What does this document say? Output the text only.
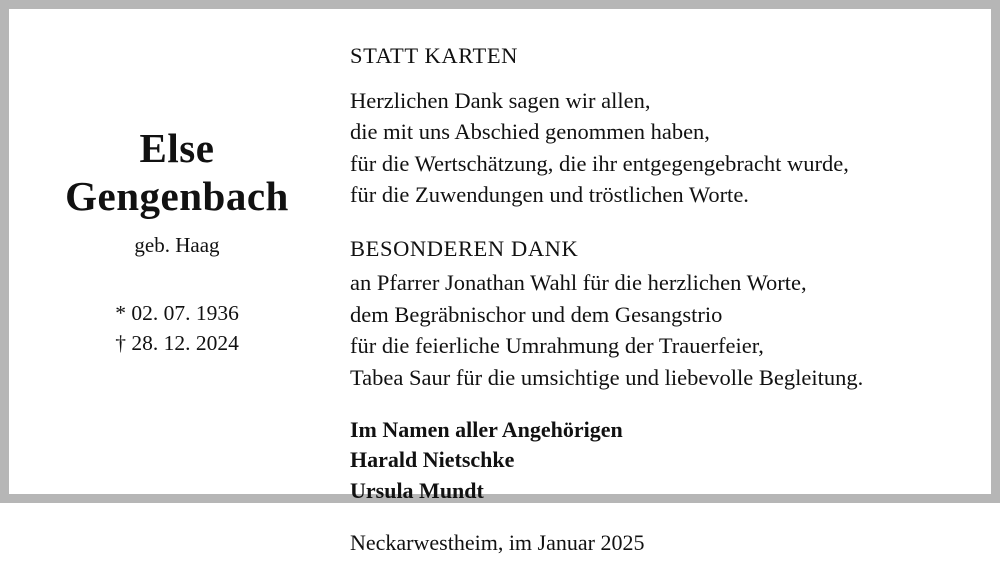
Else
Gengenbach
geb. Haag
* 02. 07. 1936
† 28. 12. 2024
STATT KARTEN

Herzlichen Dank sagen wir allen,

die mit uns Abschied genommen haben,

für die Wertschätzung, die ihr entgegengebracht wurde,

für die Zuwendungen und tröstlichen Worte.

BESONDEREN DANK

an Pfarrer Jonathan Wahl für die herzlichen Worte,

dem Begräbnischor und dem Gesangstrio

für die feierliche Umrahmung der Trauerfeier,

Tabea Saur für die umsichtige und liebevolle Begleitung.

Im Namen aller Angehörigen

Harald Nietschke

Ursula Mundt

Neckarwestheim, im Januar 2025
